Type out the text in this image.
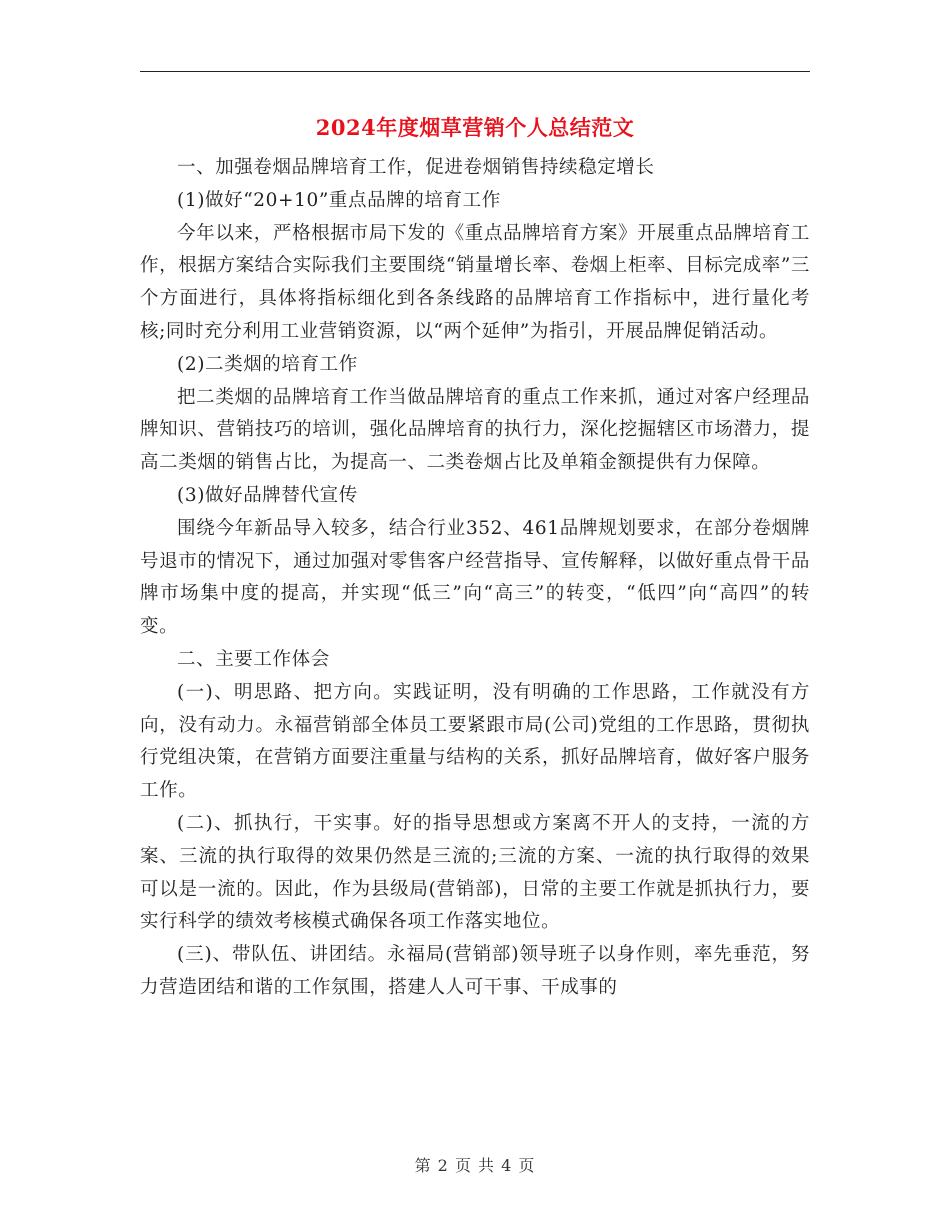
2024年度烟草营销个人总结范文

一、加强卷烟品牌培育工作，促进卷烟销售持续稳定增长

(1)做好“20+10”重点品牌的培育工作

今年以来，严格根据市局下发的《重点品牌培育方案》开展重点品牌培育工作，根据方案结合实际我们主要围绕“销量增长率、卷烟上柜率、目标完成率”三个方面进行，具体将指标细化到各条线路的品牌培育工作指标中，进行量化考核;同时充分利用工业营销资源，以“两个延伸”为指引，开展品牌促销活动。

(2)二类烟的培育工作

把二类烟的品牌培育工作当做品牌培育的重点工作来抓，通过对客户经理品牌知识、营销技巧的培训，强化品牌培育的执行力，深化挖掘辖区市场潜力，提高二类烟的销售占比，为提高一、二类卷烟占比及单箱金额提供有力保障。

(3)做好品牌替代宣传

围绕今年新品导入较多，结合行业352、461品牌规划要求，在部分卷烟牌号退市的情况下，通过加强对零售客户经营指导、宣传解释，以做好重点骨干品牌市场集中度的提高，并实现“低三”向“高三”的转变，“低四”向“高四”的转变。

二、主要工作体会

(一)、明思路、把方向。实践证明，没有明确的工作思路，工作就没有方向，没有动力。永福营销部全体员工要紧跟市局(公司)党组的工作思路，贯彻执行党组决策，在营销方面要注重量与结构的关系，抓好品牌培育，做好客户服务工作。

(二)、抓执行，干实事。好的指导思想或方案离不开人的支持，一流的方案、三流的执行取得的效果仍然是三流的;三流的方案、一流的执行取得的效果可以是一流的。因此，作为县级局(营销部)，日常的主要工作就是抓执行力，要实行科学的绩效考核模式确保各项工作落实地位。

(三)、带队伍、讲团结。永福局(营销部)领导班子以身作则，率先垂范，努力营造团结和谐的工作氛围，搭建人人可干事、干成事的

第 2 页 共 4 页
